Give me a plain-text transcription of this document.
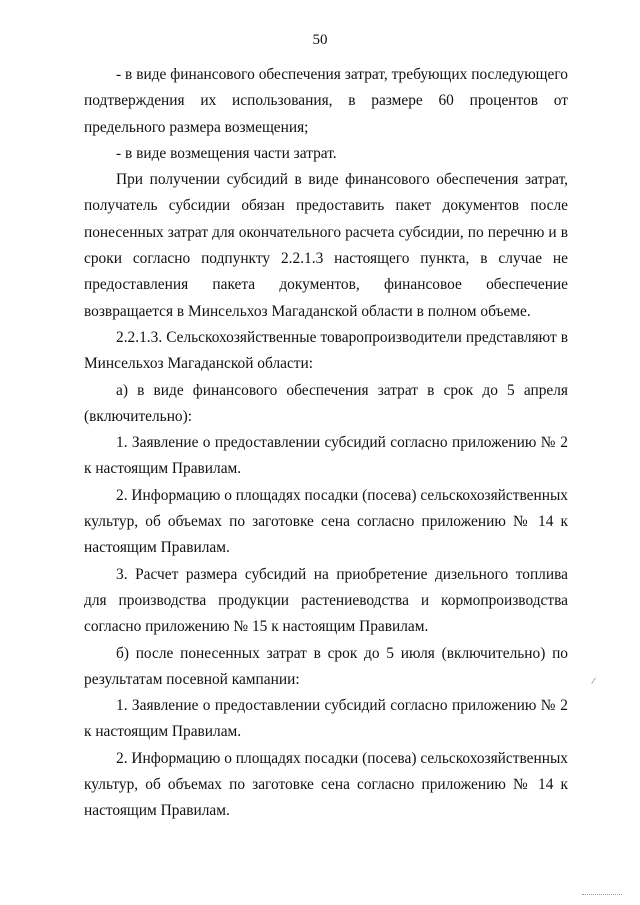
50

- в виде финансового обеспечения затрат, требующих последующего подтверждения их использования, в размере 60 процентов от предельного размера возмещения;

- в виде возмещения части затрат.

При получении субсидий в виде финансового обеспечения затрат, получатель субсидии обязан предоставить пакет документов после понесенных затрат для окончательного расчета субсидии, по перечню и в сроки согласно подпункту 2.2.1.3 настоящего пункта, в случае не предоставления пакета документов, финансовое обеспечение возвращается в Минсельхоз Магаданской области в полном объеме.

2.2.1.3. Сельскохозяйственные товаропроизводители представляют в Минсельхоз Магаданской области:

а) в виде финансового обеспечения затрат в срок до 5 апреля (включительно):

1. Заявление о предоставлении субсидий согласно приложению № 2 к настоящим Правилам.

2. Информацию о площадях посадки (посева) сельскохозяйственных культур, об объемах по заготовке сена согласно приложению № 14 к настоящим Правилам.

3. Расчет размера субсидий на приобретение дизельного топлива для производства продукции растениеводства и кормопроизводства согласно приложению № 15 к настоящим Правилам.

б) после понесенных затрат в срок до 5 июля (включительно) по результатам посевной кампании:

1. Заявление о предоставлении субсидий согласно приложению № 2 к настоящим Правилам.

2. Информацию о площадях посадки (посева) сельскохозяйственных культур, об объемах по заготовке сена согласно приложению № 14 к настоящим Правилам.

/
